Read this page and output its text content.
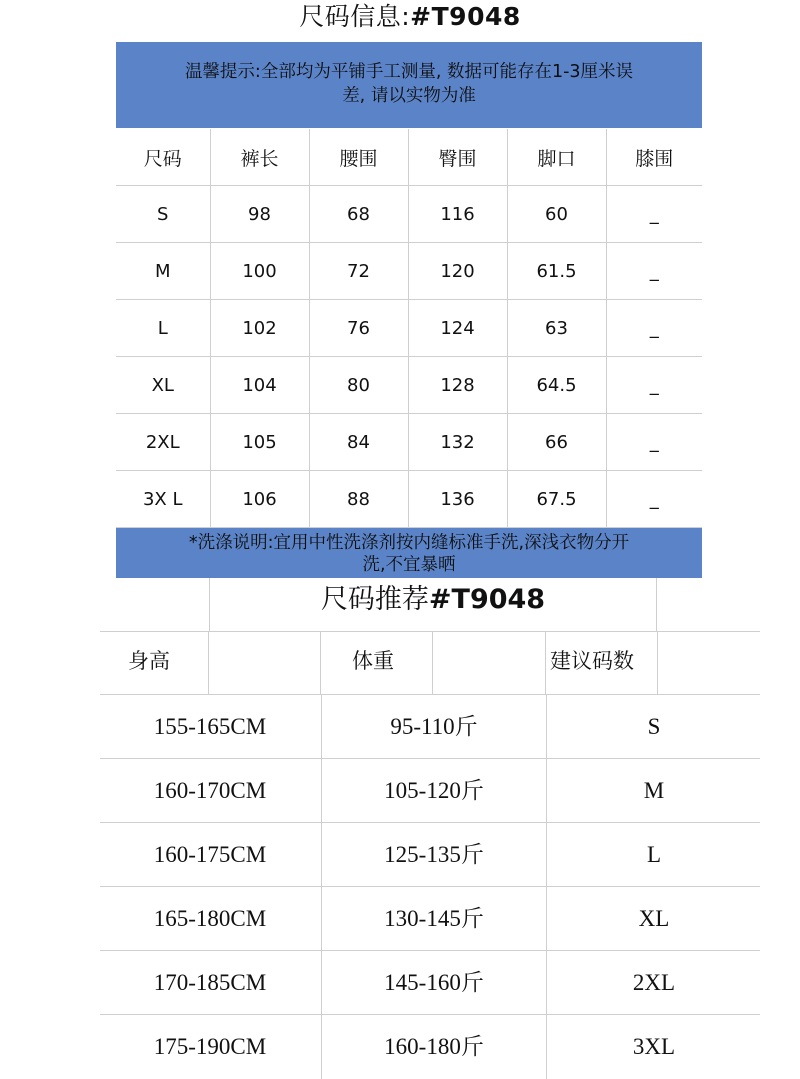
尺码信息:#T9048
温馨提示:全部均为平铺手工测量, 数据可能存在1-3厘米误
差, 请以实物为准
尺码	裤长	腰围	臀围	脚口	膝围
S	98	68	116	60	_
M	100	72	120	61.5	_
L	102	76	124	63	_
XL	104	80	128	64.5	_
2XL	105	84	132	66	_
3X L	106	88	136	67.5	_
*洗涤说明:宜用中性洗涤剂按内缝标准手洗,深浅衣物分开
洗,不宜暴晒
尺码推荐#T9048
身高	体重	建议码数
155-165CM	95-110斤	S
160-170CM	105-120斤	M
160-175CM	125-135斤	L
165-180CM	130-145斤	XL
170-185CM	145-160斤	2XL
175-190CM	160-180斤	3XL
